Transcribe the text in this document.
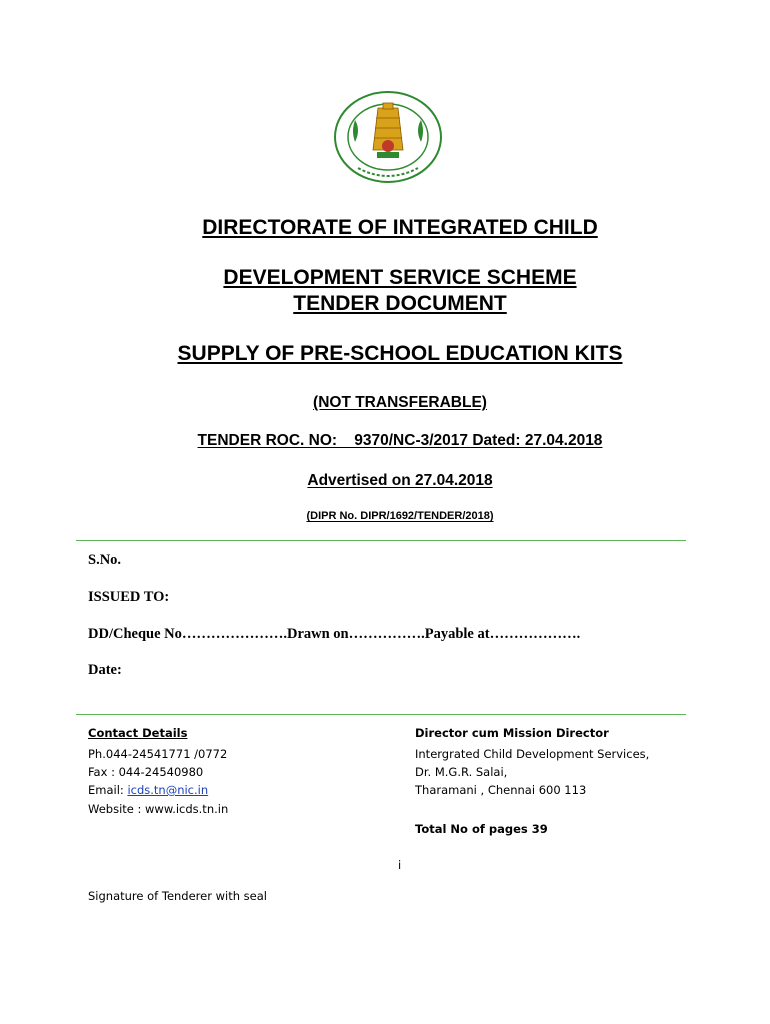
DIRECTORATE OF INTEGRATED CHILD
DEVELOPMENT SERVICE SCHEME
TENDER DOCUMENT
SUPPLY OF PRE-SCHOOL EDUCATION KITS
(NOT TRANSFERABLE)
TENDER ROC. NO:    9370/NC-3/2017 Dated: 27.04.2018
Advertised on 27.04.2018
(DIPR No. DIPR/1692/TENDER/2018)
S.No.
ISSUED TO:
DD/Cheque No………………….Drawn on…………….Payable at……………….
Date:
Contact Details
Ph.044-24541771 /0772
Fax : 044-24540980
Email: icds.tn@nic.in
Website : www.icds.tn.in
Director cum Mission Director
Intergrated Child Development Services,
Dr. M.G.R. Salai,
Tharamani , Chennai 600 113
Total No of pages 39
i
Signature of Tenderer with seal
